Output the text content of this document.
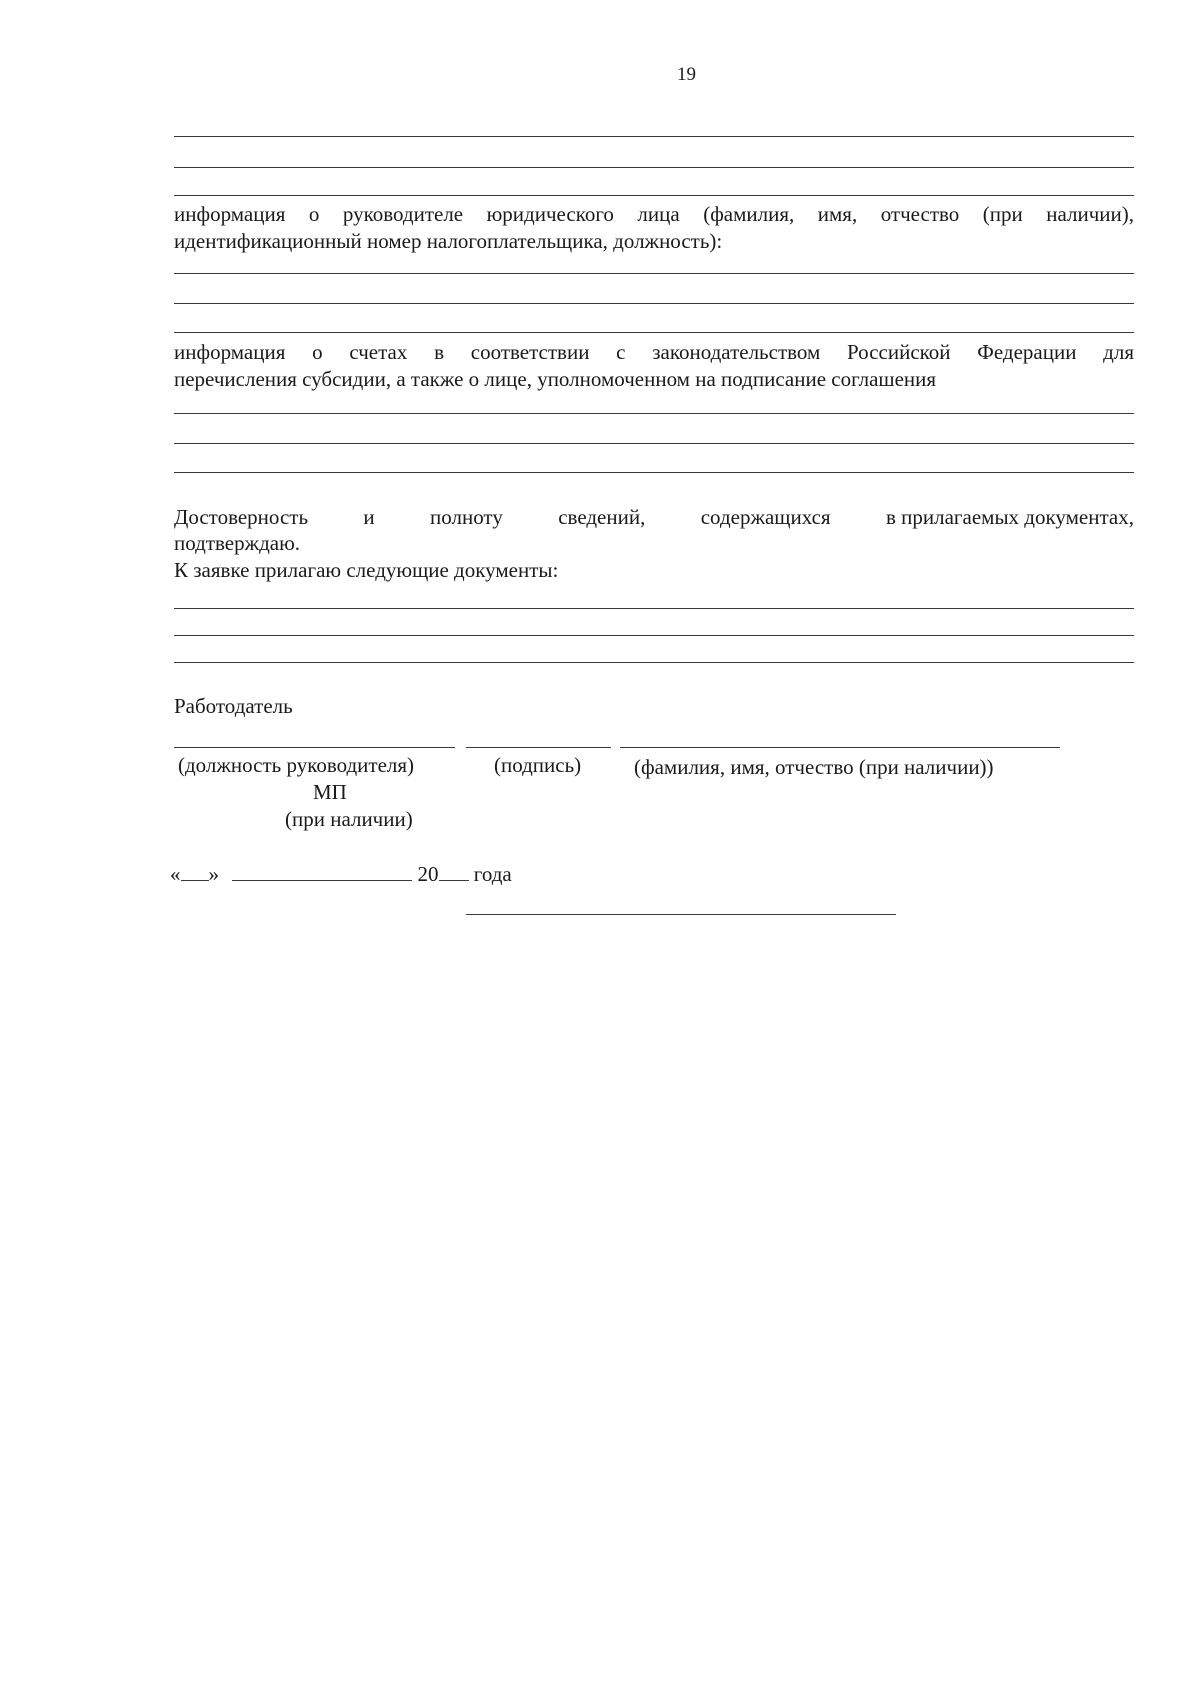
19
информация о руководителе юридического лица (фамилия, имя, отчество (при наличии),
идентификационный номер налогоплательщика, должность):
информация о счетах в соответствии с законодательством Российской Федерации для
перечисления субсидии, а также о лице, уполномоченном на подписание соглашения
Достоверность	и	полноту	сведений,	содержащихся	в прилагаемых документах,
подтверждаю.
К заявке прилагаю следующие документы:
Работодатель
(должность руководителя)	(подпись)	(фамилия, имя, отчество (при наличии))
МП
(при наличии)
« »	20 года
